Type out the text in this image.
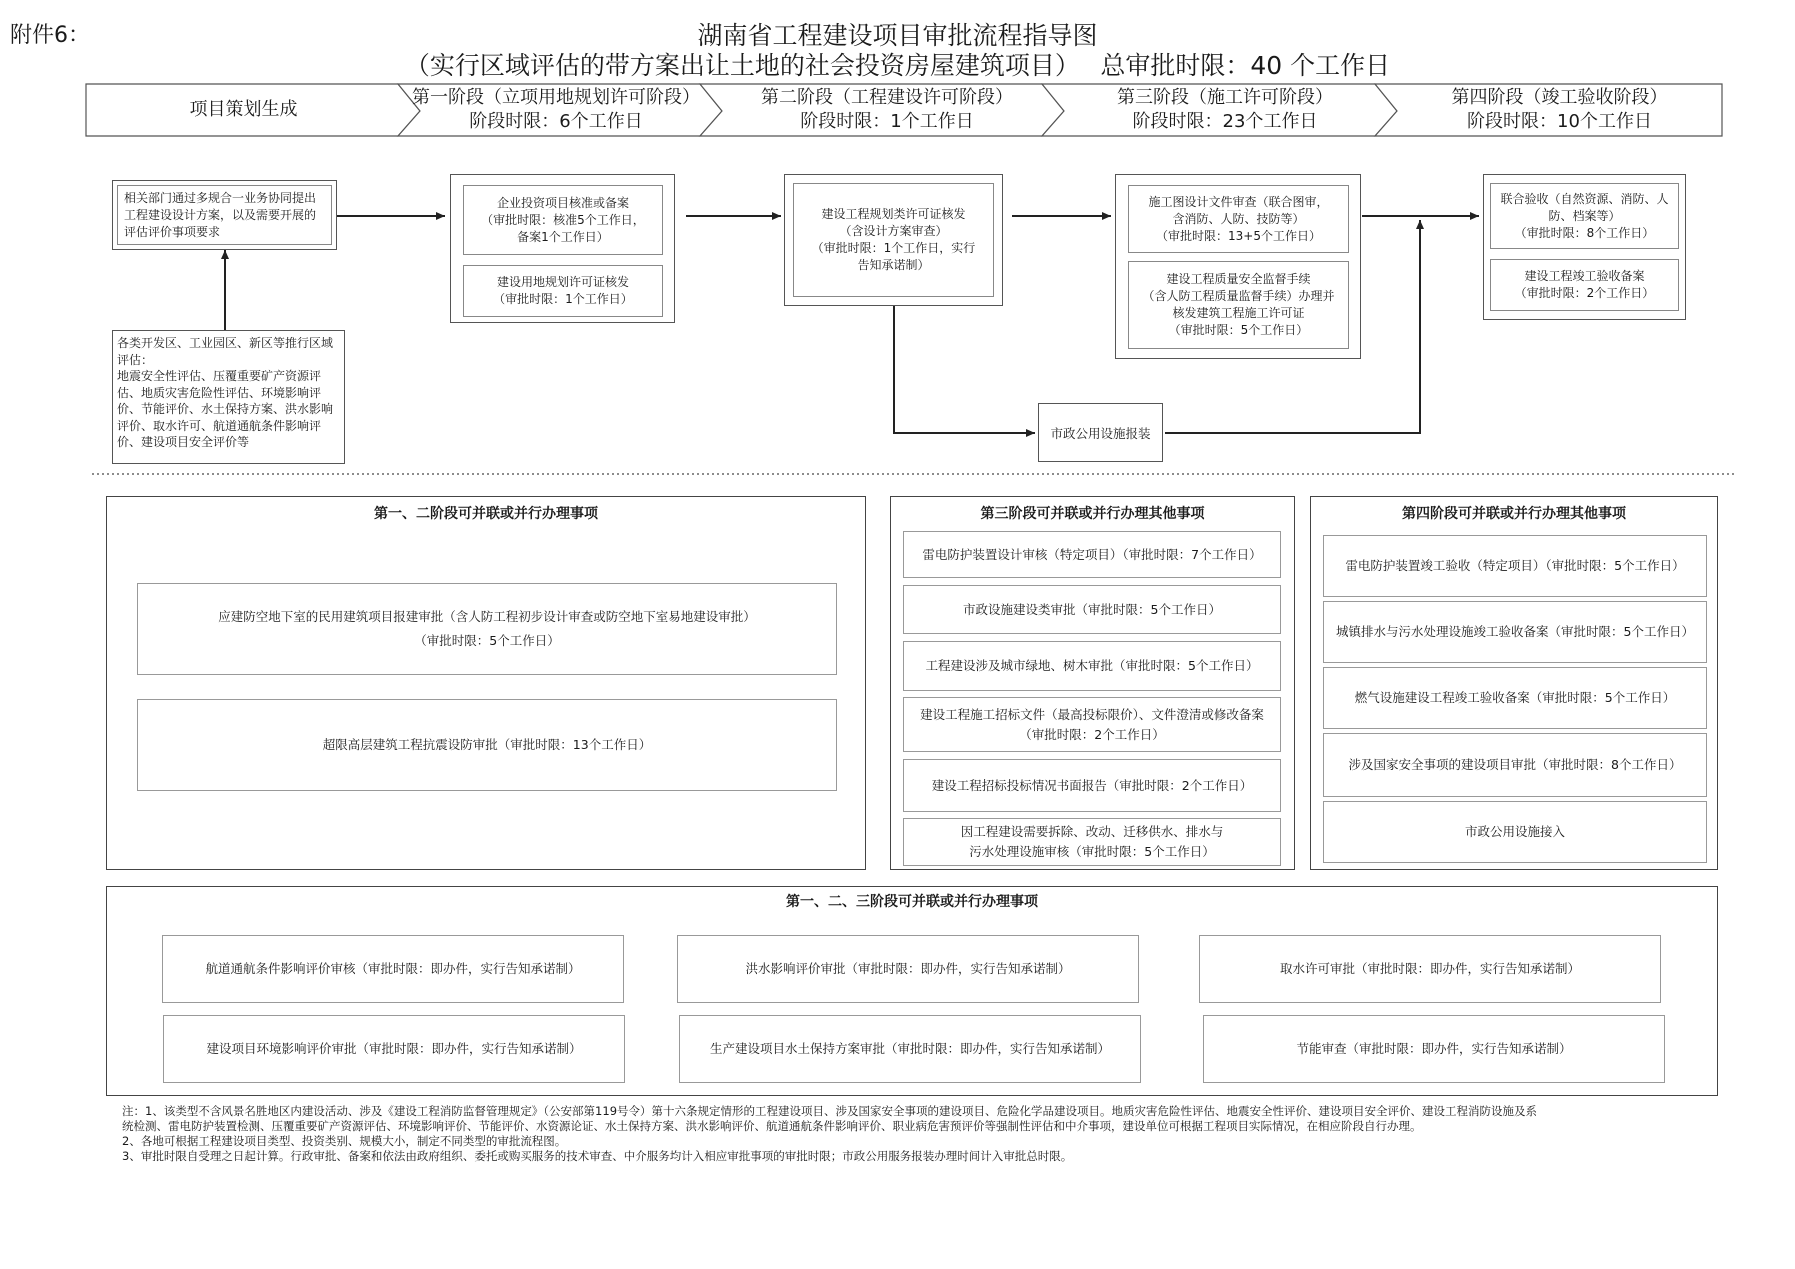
附件6：	湖南省工程建设项目审批流程指导图
（实行区域评估的带方案出让土地的社会投资房屋建筑项目）　 总审批时限：40 个工作日
项目策划生成
第一阶段（立项用地规划许可阶段）
阶段时限：6个工作日
第二阶段（工程建设许可阶段）
阶段时限：1个工作日
第三阶段（施工许可阶段）
阶段时限：23个工作日
第四阶段（竣工验收阶段）
阶段时限：10个工作日
相关部门通过多规合一业务协同提出工程建设设计方案，以及需要开展的评估评价事项要求
各类开发区、工业园区、新区等推行区域评估：
地震安全性评估、压覆重要矿产资源评估、地质灾害危险性评估、环境影响评价、节能评价、水土保持方案、洪水影响评价、取水许可、航道通航条件影响评价、建设项目安全评价等
企业投资项目核准或备案
（审批时限：核准5个工作日，
备案1个工作日）
建设用地规划许可证核发
（审批时限：1个工作日）
建设工程规划类许可证核发
（含设计方案审查）
（审批时限：1个工作日，实行
告知承诺制）
施工图设计文件审查（联合图审，
含消防、人防、技防等）
（审批时限：13+5个工作日）
建设工程质量安全监督手续
（含人防工程质量监督手续）办理并
核发建筑工程施工许可证
（审批时限：5个工作日）
联合验收（自然资源、消防、人
防、档案等）
（审批时限：8个工作日）
建设工程竣工验收备案
（审批时限：2个工作日）
市政公用设施报装
第一、二阶段可并联或并行办理事项
应建防空地下室的民用建筑项目报建审批（含人防工程初步设计审查或防空地下室易地建设审批）
（审批时限：5个工作日）
超限高层建筑工程抗震设防审批（审批时限：13个工作日）
第三阶段可并联或并行办理其他事项
雷电防护装置设计审核（特定项目）（审批时限：7个工作日）
市政设施建设类审批（审批时限：5个工作日）
工程建设涉及城市绿地、树木审批（审批时限：5个工作日）
建设工程施工招标文件（最高投标限价）、文件澄清或修改备案
（审批时限：2个工作日）
建设工程招标投标情况书面报告（审批时限：2个工作日）
因工程建设需要拆除、改动、迁移供水、排水与
污水处理设施审核（审批时限：5个工作日）
第四阶段可并联或并行办理其他事项
雷电防护装置竣工验收（特定项目）（审批时限：5个工作日）
城镇排水与污水处理设施竣工验收备案（审批时限：5个工作日）
燃气设施建设工程竣工验收备案（审批时限：5个工作日）
涉及国家安全事项的建设项目审批（审批时限：8个工作日）
市政公用设施接入
第一、二、三阶段可并联或并行办理事项
航道通航条件影响评价审核（审批时限：即办件，实行告知承诺制）	洪水影响评价审批（审批时限：即办件，实行告知承诺制）	取水许可审批（审批时限：即办件，实行告知承诺制）
建设项目环境影响评价审批（审批时限：即办件，实行告知承诺制）	生产建设项目水土保持方案审批（审批时限：即办件，实行告知承诺制）	节能审查（审批时限：即办件，实行告知承诺制）
注：1、该类型不含风景名胜地区内建设活动、涉及《建设工程消防监督管理规定》（公安部第119号令）第十六条规定情形的工程建设项目、涉及国家安全事项的建设项目、危险化学品建设项目。地质灾害危险性评估、地震安全性评价、建设项目安全评价、建设工程消防设施及系
统检测、雷电防护装置检测、压覆重要矿产资源评估、环境影响评价、节能评价、水资源论证、水土保持方案、洪水影响评价、航道通航条件影响评价、职业病危害预评价等强制性评估和中介事项，建设单位可根据工程项目实际情况，在相应阶段自行办理。
2、各地可根据工程建设项目类型、投资类别、规模大小，制定不同类型的审批流程图。
3、审批时限自受理之日起计算。行政审批、备案和依法由政府组织、委托或购买服务的技术审查、中介服务均计入相应审批事项的审批时限；市政公用服务报装办理时间计入审批总时限。
